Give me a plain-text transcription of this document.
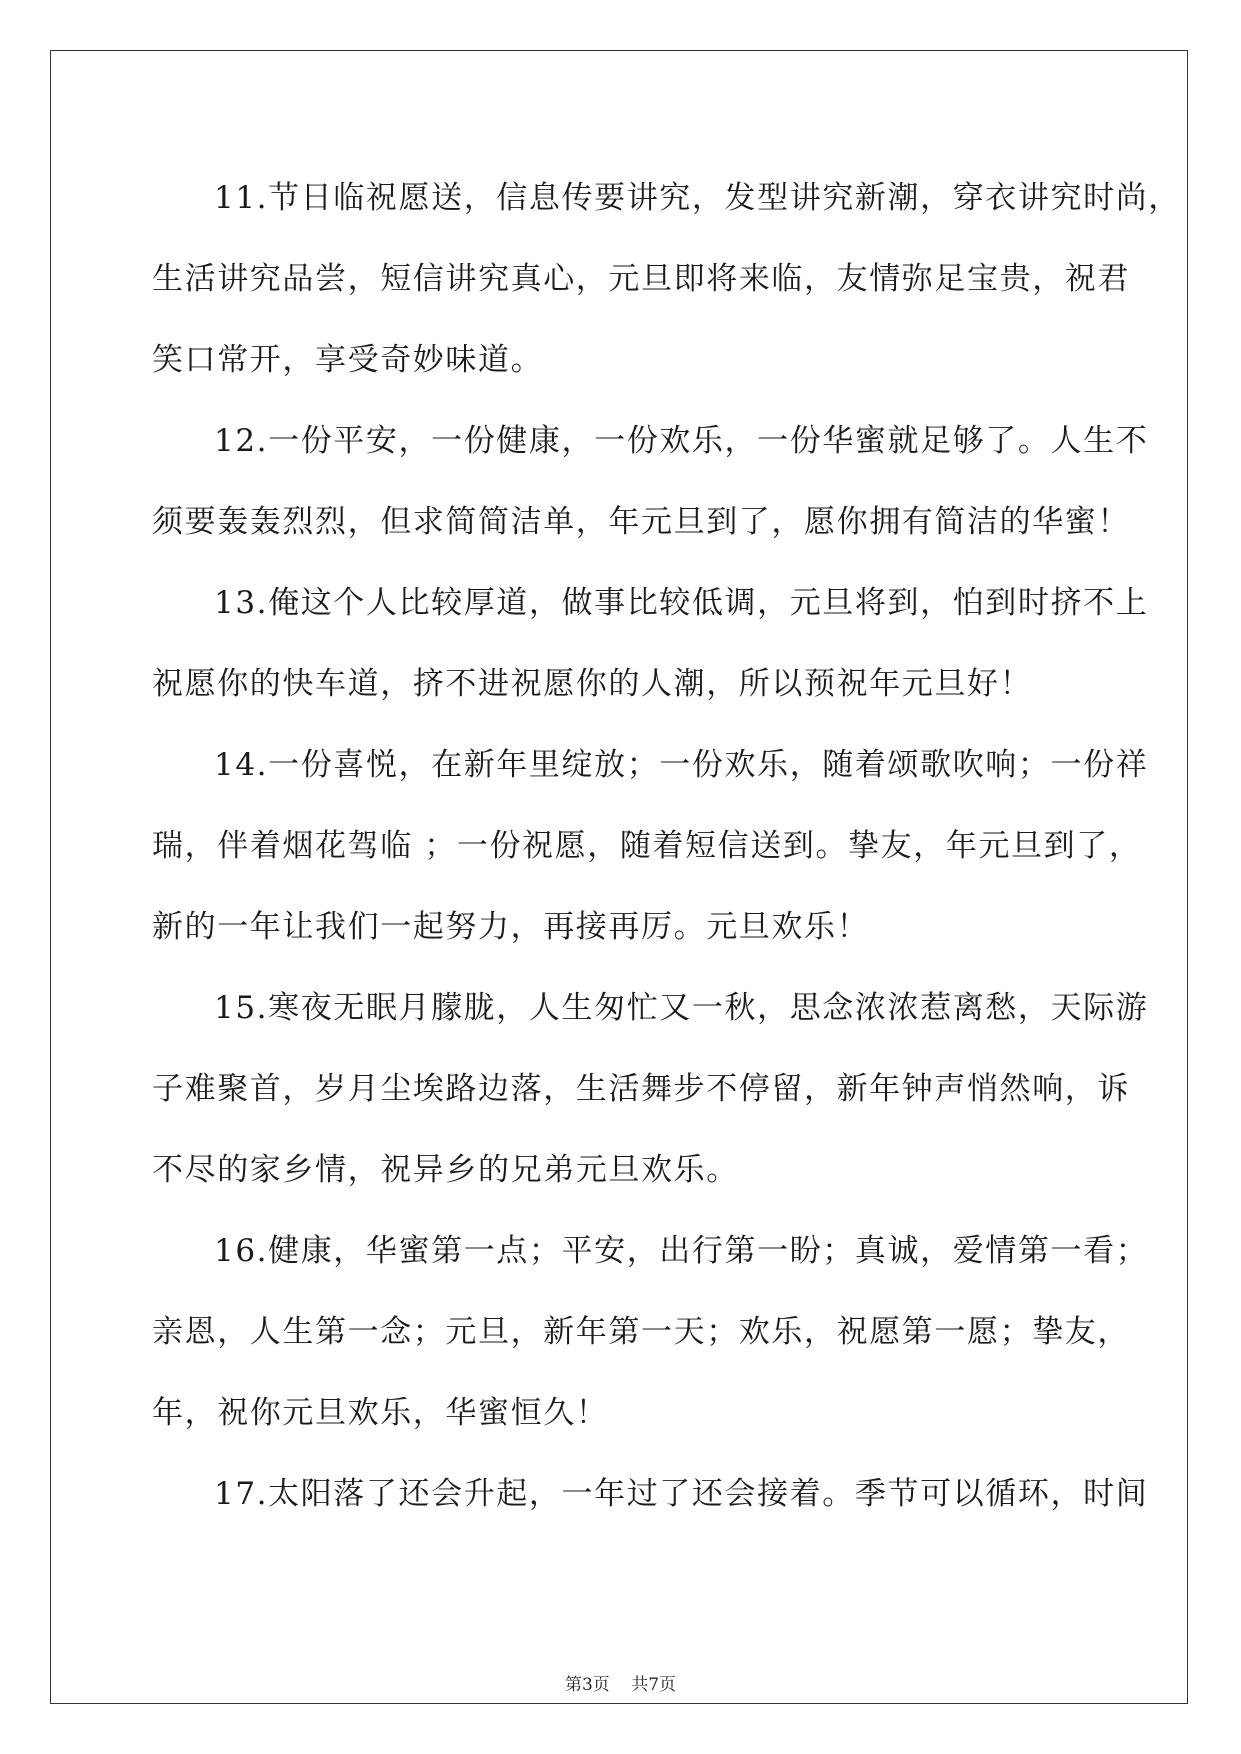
11.节日临祝愿送，信息传要讲究，发型讲究新潮，穿衣讲究时尚，

生活讲究品尝，短信讲究真心，元旦即将来临，友情弥足宝贵，祝君

笑口常开，享受奇妙味道。

12.一份平安，一份健康，一份欢乐，一份华蜜就足够了。人生不

须要轰轰烈烈，但求简简洁单，年元旦到了，愿你拥有简洁的华蜜！

13.俺这个人比较厚道，做事比较低调，元旦将到，怕到时挤不上

祝愿你的快车道，挤不进祝愿你的人潮，所以预祝年元旦好！

14.一份喜悦，在新年里绽放；一份欢乐，随着颂歌吹响；一份祥

瑞，伴着烟花驾临 ；一份祝愿，随着短信送到。挚友，年元旦到了，

新的一年让我们一起努力，再接再厉。元旦欢乐！

15.寒夜无眠月朦胧，人生匆忙又一秋，思念浓浓惹离愁，天际游

子难聚首，岁月尘埃路边落，生活舞步不停留，新年钟声悄然响，诉

不尽的家乡情，祝异乡的兄弟元旦欢乐。

16.健康，华蜜第一点；平安，出行第一盼；真诚，爱情第一看；

亲恩，人生第一念；元旦，新年第一天；欢乐，祝愿第一愿；挚友，

年，祝你元旦欢乐，华蜜恒久！

17.太阳落了还会升起，一年过了还会接着。季节可以循环，时间

第3页 共7页
